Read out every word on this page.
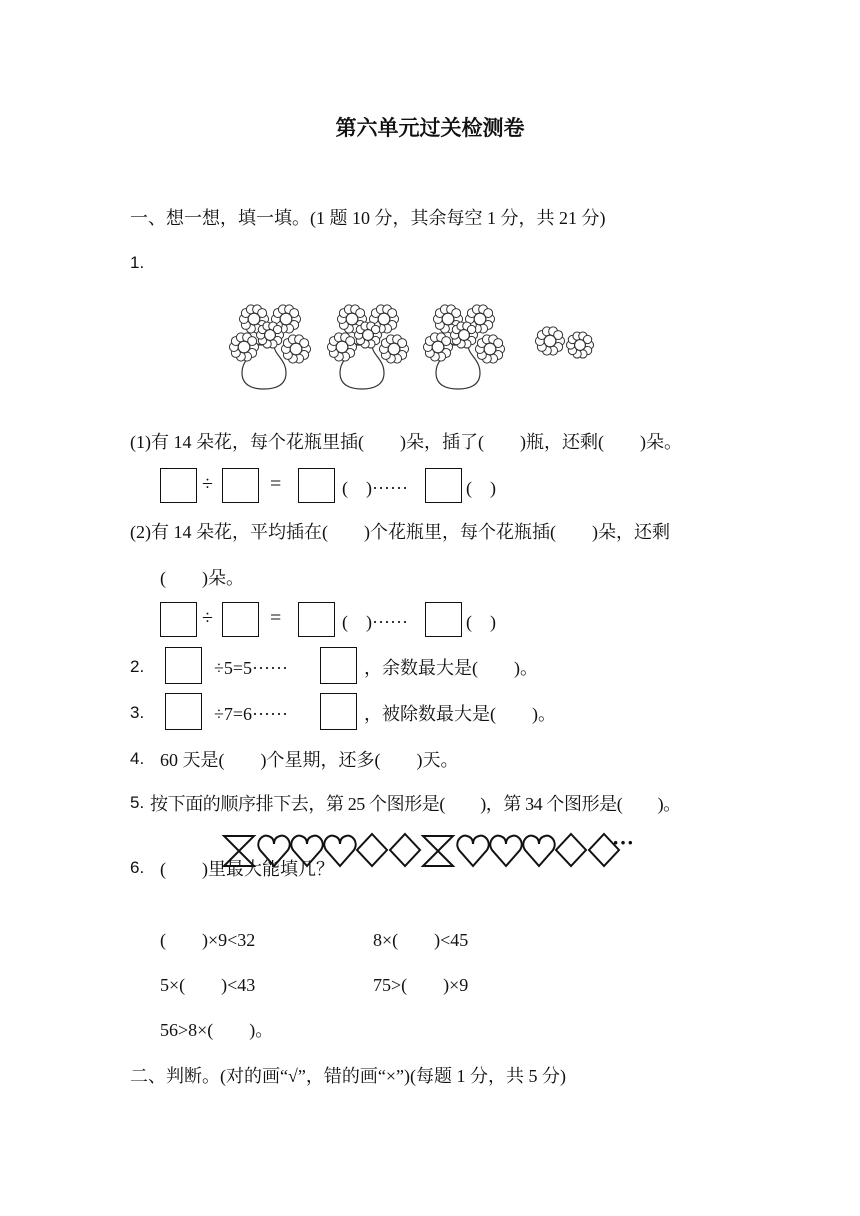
第六单元过关检测卷
一、想一想，填一填。(1 题 10 分，其余每空 1 分，共 21 分)
1.
(1)有 14 朵花，每个花瓶里插(　　)朵，插了(　　)瓶，还剩(　　)朵。
÷	=	(　) ······	(　)
(2)有 14 朵花，平均插在(　　)个花瓶里，每个花瓶插(　　)朵，还剩
(　　)朵。
÷	=	(　) ······	(　)
2.	÷5=5······	，余数最大是(　　)。
3.	÷7=6······	，被除数最大是(　　)。
4. 60 天是(　　)个星期，还多(　　)天。
5. 按下面的顺序排下去，第 25 个图形是(　　)，第 34 个图形是(　　)。
···
6. (　　)里最大能填几？
(　　)×9<32	8×(　　)<45
5×(　　)<43	75>(　　)×9
56>8×(　　)。
二、判断。(对的画“√”，错的画“×”)(每题 1 分，共 5 分)
